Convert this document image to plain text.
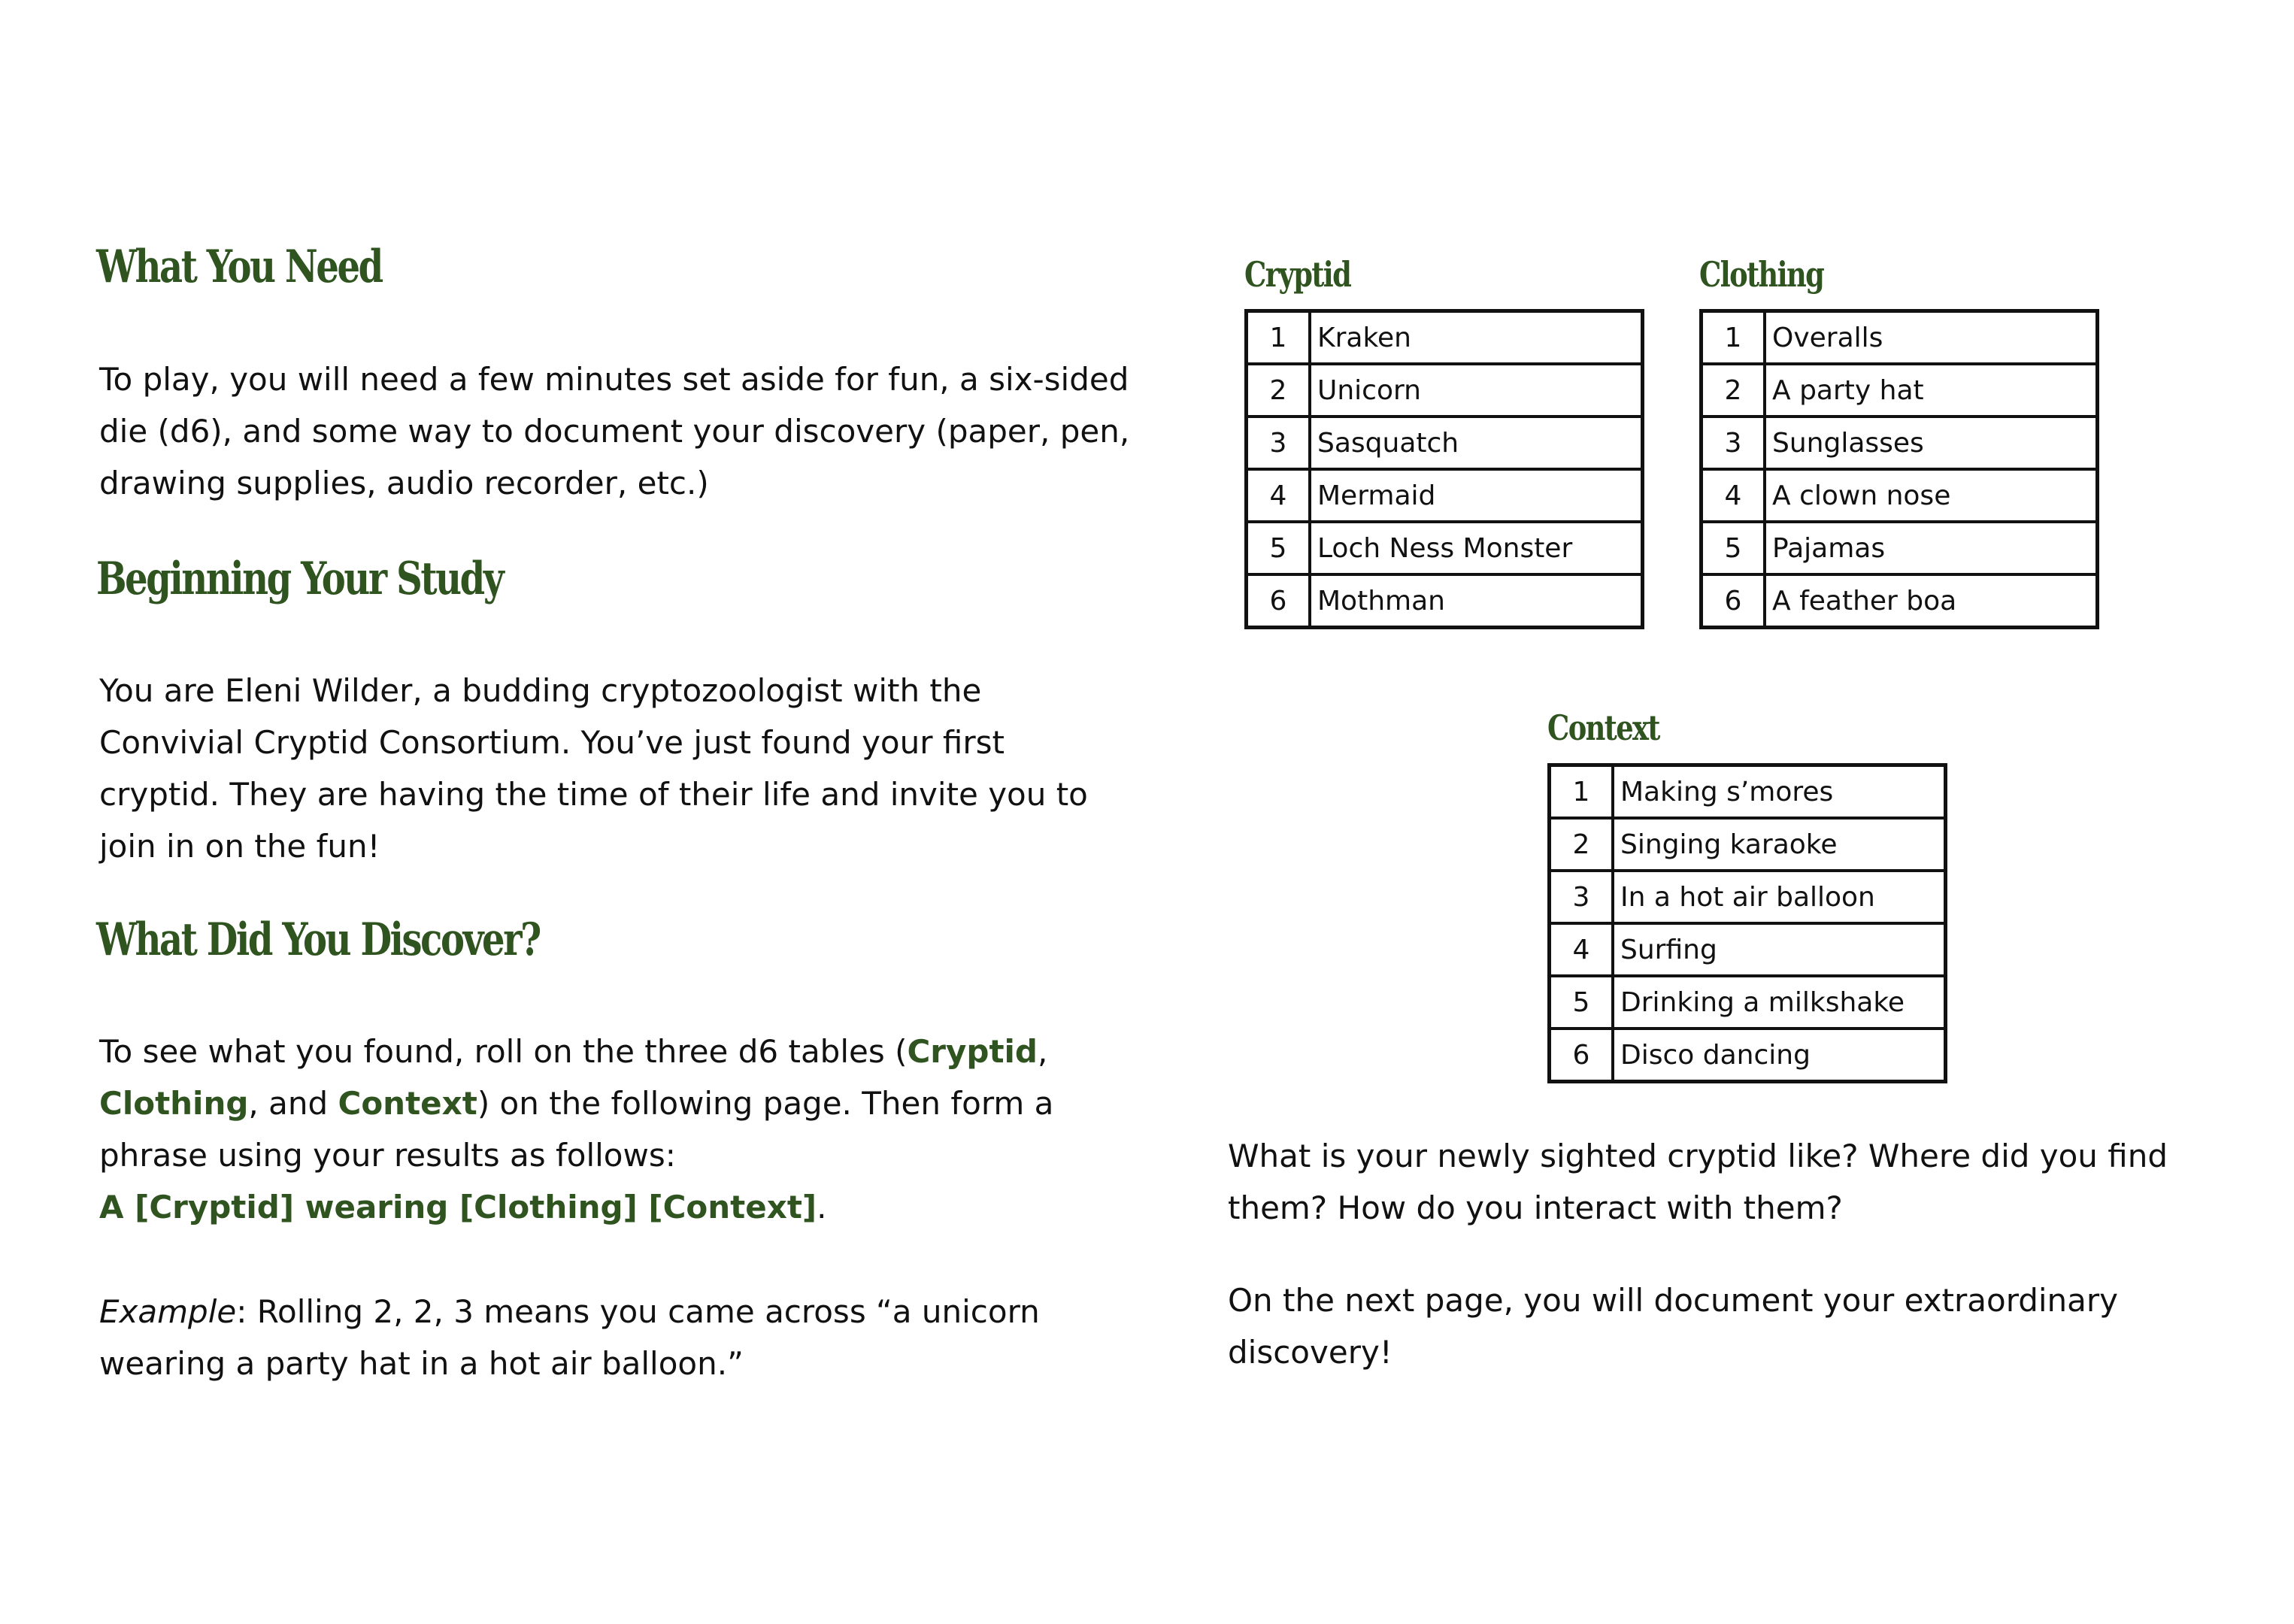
What You Need
To play, you will need a few minutes set aside for fun, a six-sided
die (d6), and some way to document your discovery (paper, pen,
drawing supplies, audio recorder, etc.)
Beginning Your Study
You are Eleni Wilder, a budding cryptozoologist with the
Convivial Cryptid Consortium. You’ve just found your first
cryptid. They are having the time of their life and invite you to
join in on the fun!
What Did You Discover?
To see what you found, roll on the three d6 tables (Cryptid,
Clothing, and Context) on the following page. Then form a
phrase using your results as follows:
A [Cryptid] wearing [Clothing] [Context].
Example: Rolling 2, 2, 3 means you came across “a unicorn
wearing a party hat in a hot air balloon.”
Cryptid
1	Kraken
2	Unicorn
3	Sasquatch
4	Mermaid
5	Loch Ness Monster
6	Mothman
Clothing
1	Overalls
2	A party hat
3	Sunglasses
4	A clown nose
5	Pajamas
6	A feather boa
Context
1	Making s’mores
2	Singing karaoke
3	In a hot air balloon
4	Surfing
5	Drinking a milkshake
6	Disco dancing
What is your newly sighted cryptid like? Where did you find
them? How do you interact with them?
On the next page, you will document your extraordinary
discovery!
